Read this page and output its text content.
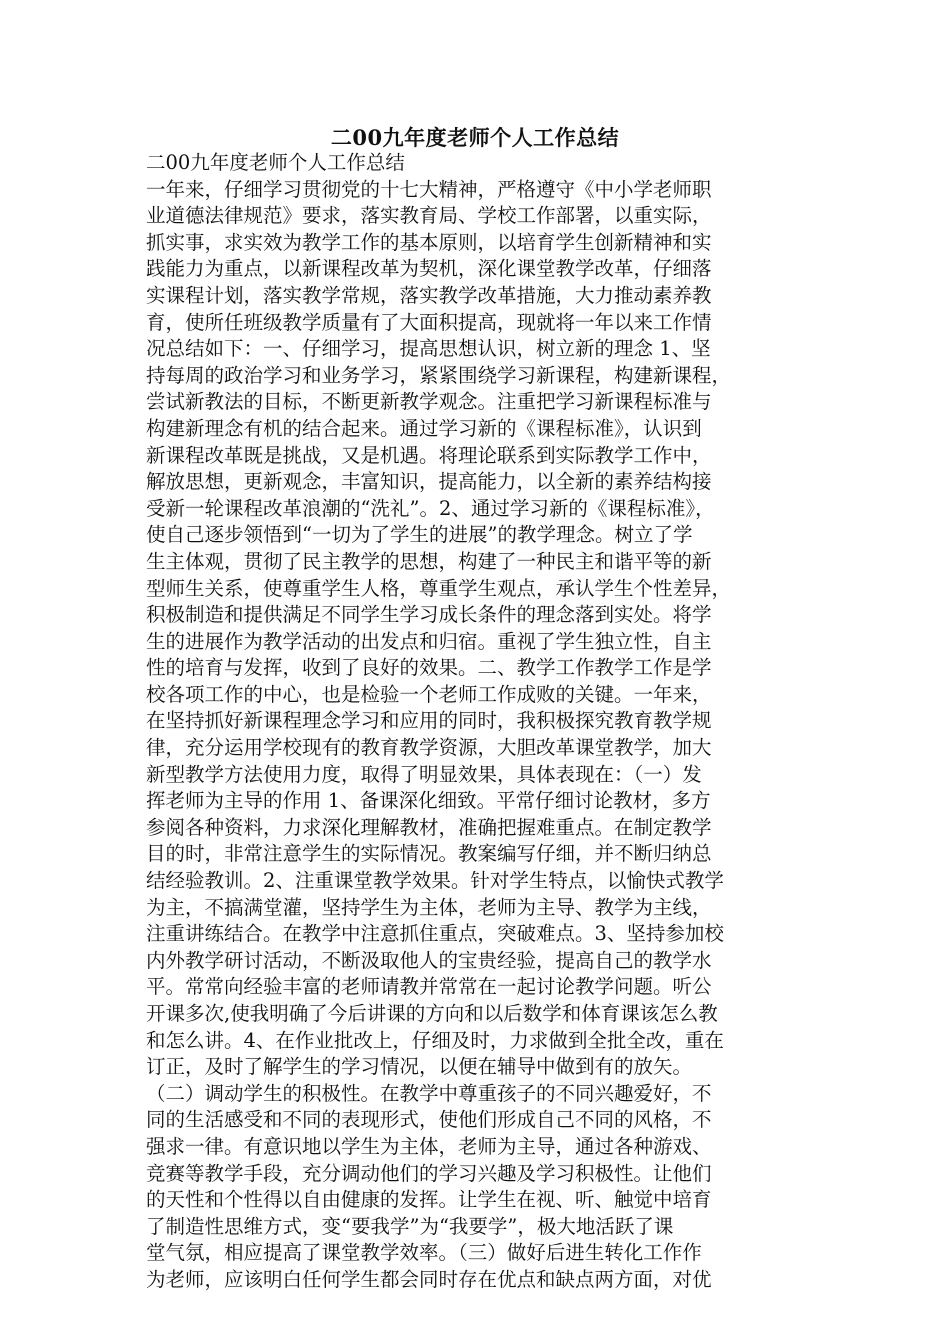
二00九年度老师个人工作总结
二00九年度老师个人工作总结
一年来，仔细学习贯彻党的十七大精神，严格遵守《中小学老师职
业道德法律规范》要求，落实教育局、学校工作部署，以重实际，
抓实事，求实效为教学工作的基本原则，以培育学生创新精神和实
践能力为重点，以新课程改革为契机，深化课堂教学改革，仔细落
实课程计划，落实教学常规，落实教学改革措施，大力推动素养教
育，使所任班级教学质量有了大面积提高，现就将一年以来工作情
况总结如下：一、仔细学习，提高思想认识，树立新的理念 1、坚
持每周的政治学习和业务学习，紧紧围绕学习新课程，构建新课程，
尝试新教法的目标，不断更新教学观念。注重把学习新课程标准与
构建新理念有机的结合起来。通过学习新的《课程标准》，认识到
新课程改革既是挑战，又是机遇。将理论联系到实际教学工作中，
解放思想，更新观念，丰富知识，提高能力，以全新的素养结构接
受新一轮课程改革浪潮的“洗礼”。2、通过学习新的《课程标准》，
使自己逐步领悟到“一切为了学生的进展”的教学理念。树立了学
生主体观，贯彻了民主教学的思想，构建了一种民主和谐平等的新
型师生关系，使尊重学生人格，尊重学生观点，承认学生个性差异，
积极制造和提供满足不同学生学习成长条件的理念落到实处。将学
生的进展作为教学活动的出发点和归宿。重视了学生独立性，自主
性的培育与发挥，收到了良好的效果。二、教学工作教学工作是学
校各项工作的中心，也是检验一个老师工作成败的关键。一年来，
在坚持抓好新课程理念学习和应用的同时，我积极探究教育教学规
律，充分运用学校现有的教育教学资源，大胆改革课堂教学，加大
新型教学方法使用力度，取得了明显效果，具体表现在：（一）发
挥老师为主导的作用 1、备课深化细致。平常仔细讨论教材，多方
参阅各种资料，力求深化理解教材，准确把握难重点。在制定教学
目的时，非常注意学生的实际情况。教案编写仔细，并不断归纳总
结经验教训。2、注重课堂教学效果。针对学生特点，以愉快式教学
为主，不搞满堂灌，坚持学生为主体，老师为主导、教学为主线，
注重讲练结合。在教学中注意抓住重点，突破难点。3、坚持参加校
内外教学研讨活动，不断汲取他人的宝贵经验，提高自己的教学水
平。常常向经验丰富的老师请教并常常在一起讨论教学问题。听公
开课多次,使我明确了今后讲课的方向和以后数学和体育课该怎么教
和怎么讲。4、在作业批改上，仔细及时，力求做到全批全改，重在
订正，及时了解学生的学习情况，以便在辅导中做到有的放矢。
（二）调动学生的积极性。在教学中尊重孩子的不同兴趣爱好，不
同的生活感受和不同的表现形式，使他们形成自己不同的风格，不
强求一律。有意识地以学生为主体，老师为主导，通过各种游戏、
竞赛等教学手段，充分调动他们的学习兴趣及学习积极性。让他们
的天性和个性得以自由健康的发挥。让学生在视、听、触觉中培育
了制造性思维方式，变“要我学”为“我要学”，极大地活跃了课
堂气氛，相应提高了课堂教学效率。（三）做好后进生转化工作作
为老师，应该明白任何学生都会同时存在优点和缺点两方面，对优
